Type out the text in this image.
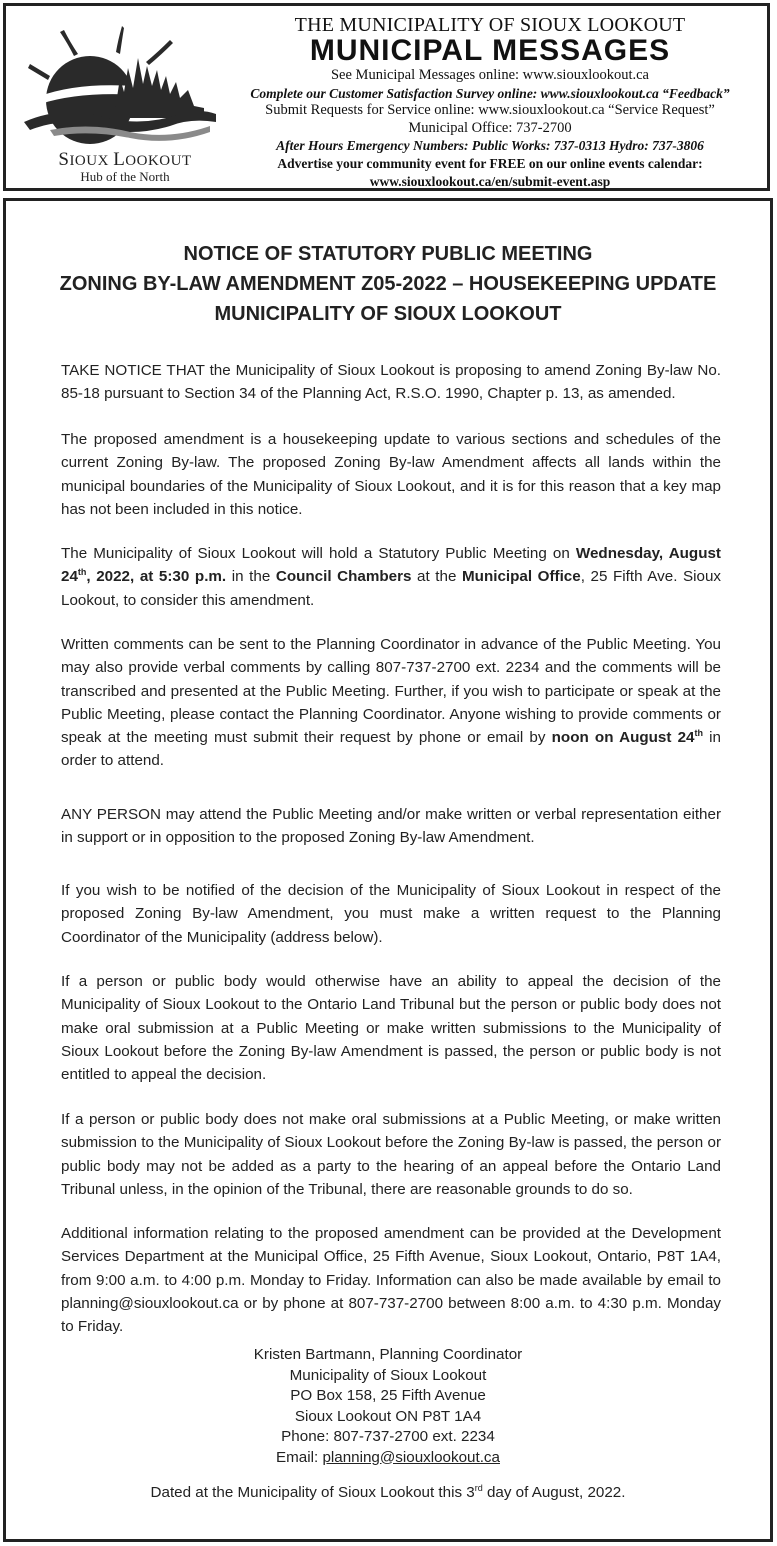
SIOUX LOOKOUT
Hub of the North
THE MUNICIPALITY OF SIOUX LOOKOUT
MUNICIPAL MESSAGES
See Municipal Messages online: www.siouxlookout.ca
Complete our Customer Satisfaction Survey online: www.siouxlookout.ca “Feedback”
Submit Requests for Service online: www.siouxlookout.ca “Service Request”
Municipal Office: 737-2700
After Hours Emergency Numbers: Public Works: 737-0313 Hydro: 737-3806
Advertise your community event for FREE on our online events calendar:
www.siouxlookout.ca/en/submit-event.asp
NOTICE OF STATUTORY PUBLIC MEETING
ZONING BY-LAW AMENDMENT Z05-2022 – HOUSEKEEPING UPDATE
MUNICIPALITY OF SIOUX LOOKOUT
TAKE NOTICE THAT the Municipality of Sioux Lookout is proposing to amend Zoning By-law No. 85-18 pursuant to Section 34 of the Planning Act, R.S.O. 1990, Chapter p. 13, as amended.
The proposed amendment is a housekeeping update to various sections and schedules of the current Zoning By-law. The proposed Zoning By-law Amendment affects all lands within the municipal boundaries of the Municipality of Sioux Lookout, and it is for this reason that a key map has not been included in this notice.
The Municipality of Sioux Lookout will hold a Statutory Public Meeting on Wednesday, August 24th, 2022, at 5:30 p.m. in the Council Chambers at the Municipal Office, 25 Fifth Ave. Sioux Lookout, to consider this amendment.
Written comments can be sent to the Planning Coordinator in advance of the Public Meeting. You may also provide verbal comments by calling 807-737-2700 ext. 2234 and the comments will be transcribed and presented at the Public Meeting. Further, if you wish to participate or speak at the Public Meeting, please contact the Planning Coordinator. Anyone wishing to provide comments or speak at the meeting must submit their request by phone or email by noon on August 24th in order to attend.
ANY PERSON may attend the Public Meeting and/or make written or verbal representation either in support or in opposition to the proposed Zoning By-law Amendment.
If you wish to be notified of the decision of the Municipality of Sioux Lookout in respect of the proposed Zoning By-law Amendment, you must make a written request to the Planning Coordinator of the Municipality (address below).
If a person or public body would otherwise have an ability to appeal the decision of the Municipality of Sioux Lookout to the Ontario Land Tribunal but the person or public body does not make oral submission at a Public Meeting or make written submissions to the Municipality of Sioux Lookout before the Zoning By-law Amendment is passed, the person or public body is not entitled to appeal the decision.
If a person or public body does not make oral submissions at a Public Meeting, or make written submission to the Municipality of Sioux Lookout before the Zoning By-law is passed, the person or public body may not be added as a party to the hearing of an appeal before the Ontario Land Tribunal unless, in the opinion of the Tribunal, there are reasonable grounds to do so.
Additional information relating to the proposed amendment can be provided at the Development Services Department at the Municipal Office, 25 Fifth Avenue, Sioux Lookout, Ontario, P8T 1A4, from 9:00 a.m. to 4:00 p.m. Monday to Friday. Information can also be made available by email to planning@siouxlookout.ca or by phone at 807-737-2700 between 8:00 a.m. to 4:30 p.m. Monday to Friday.
Kristen Bartmann, Planning Coordinator
Municipality of Sioux Lookout
PO Box 158, 25 Fifth Avenue
Sioux Lookout ON P8T 1A4
Phone: 807-737-2700 ext. 2234
Email: planning@siouxlookout.ca
Dated at the Municipality of Sioux Lookout this 3rd day of August, 2022.
